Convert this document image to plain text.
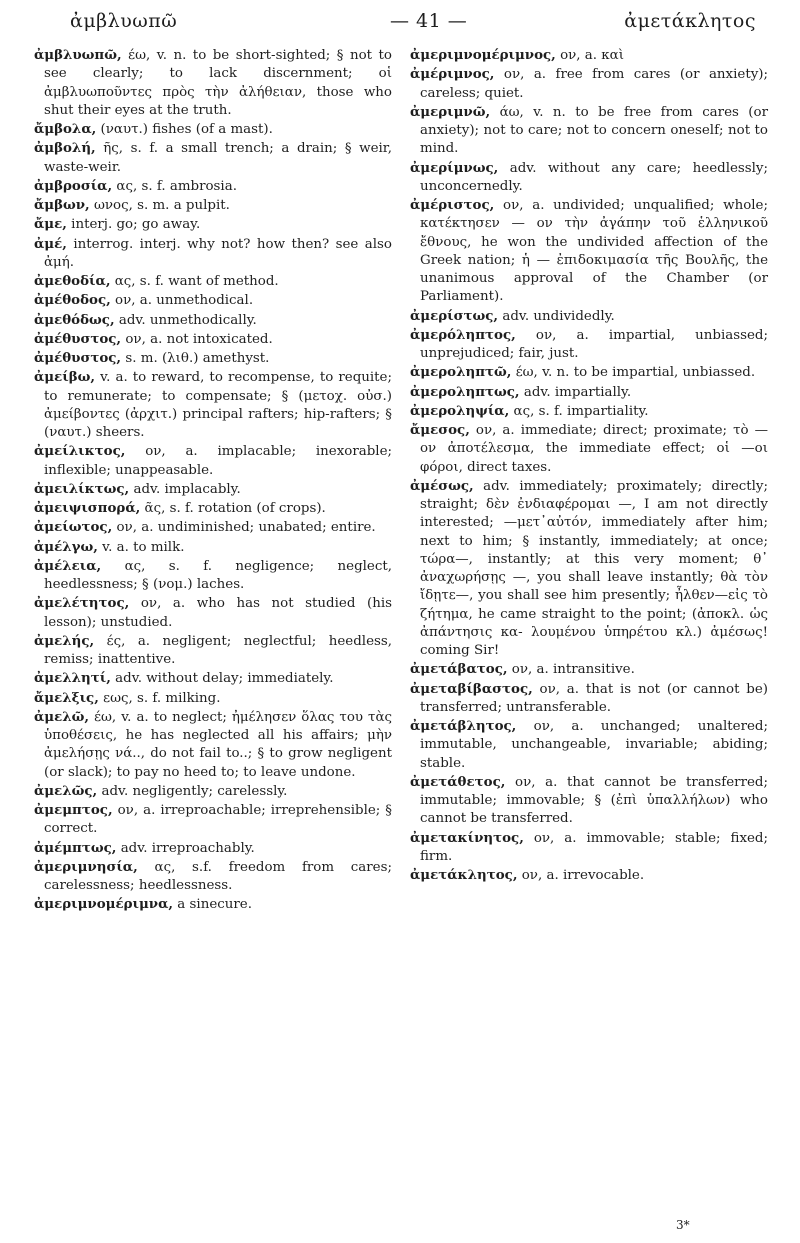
ἀμβλυωπῶ	— 41 —	ἀμετάκλητος

ἀμβλυωπῶ, έω, v. n. to be short-sighted; § not to see clearly; to lack discernment; οἱ ἀμβλυωποῦντες πρὸς τὴν ἀλήθειαν, those who shut their eyes at the truth.

ἄμβολα, (ναυτ.) fishes (of a mast).

ἀμβολή, ῆς, s. f. a small trench; a drain; § weir, waste-weir.

ἀμβροσία, ας, s. f. ambrosia.

ἄμβων, ωνος, s. m. a pulpit.

ἄμε, interj. go; go away.

ἀμέ, interrog. interj. why not? how then? see also ἀμή.

ἀμεθοδία, ας, s. f. want of method.

ἀμέθοδος, ον, a. unmethodical.

ἀμεθόδως, adv. unmethodically.

ἀμέθυστος, ον, a. not intoxicated.

ἀμέθυστος, s. m. (λιθ.) amethyst.

ἀμείβω, v. a. to reward, to recompense, to requite; to remunerate; to compensate; § (μετοχ. οὐσ.) ἀμείβοντες (ἀρχιτ.) principal rafters; hip-rafters; § (ναυτ.) sheers.

ἀμείλικτος, ον, a. implacable; inexorable; inflexible; unappeasable.

ἀμειλίκτως, adv. implacably.

ἀμειψισπορά, ᾶς, s. f. rotation (of crops).

ἀμείωτος, ον, a. undiminished; unabated; entire.

ἀμέλγω, v. a. to milk.

ἀμέλεια, ας, s. f. negligence; neglect, heedlessness; § (νομ.) laches.

ἀμελέτητος, ον, a. who has not studied (his lesson); unstudied.

ἀμελής, ές, a. negligent; neglectful; heedless, remiss; inattentive.

ἀμελλητί, adv. without delay; immediately.

ἄμελξις, εως, s. f. milking.

ἀμελῶ, έω, v. a. to neglect; ἠμέλησεν ὅλας του τὰς ὑποθέσεις, he has neglected all his affairs; μὴν ἀμελήσῃς νά.., do not fail to..; § to grow negligent (or slack); to pay no heed to; to leave undone.

ἀμελῶς, adv. negligently; carelessly.

ἀμεμπτος, ον, a. irreproachable; irreprehensible; § correct.

ἀμέμπτως, adv. irreproachably.

ἀμεριμνησία, ας, s.f. freedom from cares; carelessness; heedlessness.

ἀμεριμνομέριμνα, a sinecure.

ἀμεριμνομέριμνος, ον, a. καὶ

ἀμέριμνος, ον, a. free from cares (or anxiety); careless; quiet.

ἀμεριμνῶ, άω, v. n. to be free from cares (or anxiety); not to care; not to concern oneself; not to mind.

ἀμερίμνως, adv. without any care; heedlessly; unconcernedly.

ἀμέριστος, ον, a. undivided; unqualified; whole; κατέκτησεν — ον τὴν ἀγάπην τοῦ ἑλληνικοῦ ἔθνους, he won the undivided affection of the Greek nation; ἡ — ἐπιδοκιμασία τῆς Βουλῆς, the unanimous approval of the Chamber (or Parliament).

ἀμερίστως, adv. undividedly.

ἀμερόληπτος, ον, a. impartial, unbiassed; unprejudiced; fair, just.

ἀμεροληπτῶ, έω, v. n. to be impartial, unbiassed.

ἀμεροληπτως, adv. impartially.

ἀμεροληψία, ας, s. f. impartiality.

ἄμεσος, ον, a. immediate; direct; proximate; τὸ —ον ἀποτέλεσμα, the immediate effect; οἱ —οι φόροι, direct taxes.

ἀμέσως, adv. immediately; proximately; directly; straight; δὲν ἐνδιαφέρομαι —, I am not directly interested; —μετ᾽αὐτόν, immediately after him; next to him; § instantly, immediately; at once; τώρα—, instantly; at this very moment; θ᾽ ἀναχωρήσῃς —, you shall leave instantly; θὰ τὸν ἴδῃτε—, you shall see him presently; ἦλθεν—εἰς τὸ ζήτημα, he came straight to the point; (ἀποκλ. ὡς ἀπάντησις κα- λουμένου ὑπηρέτου κλ.) ἀμέσως! coming Sir!

ἀμετάβατος, ον, a. intransitive.

ἀμεταβίβαστος, ον, a. that is not (or cannot be) transferred; untransferable.

ἀμετάβλητος, ον, a. unchanged; unaltered; immutable, unchangeable, invariable; abiding; stable.

ἀμετάθετος, ον, a. that cannot be transferred; immutable; immovable; § (ἐπὶ ὑπαλλήλων) who cannot be transferred.

ἀμετακίνητος, ον, a. immovable; stable; fixed; firm.

ἀμετάκλητος, ον, a. irrevocable.

3*
